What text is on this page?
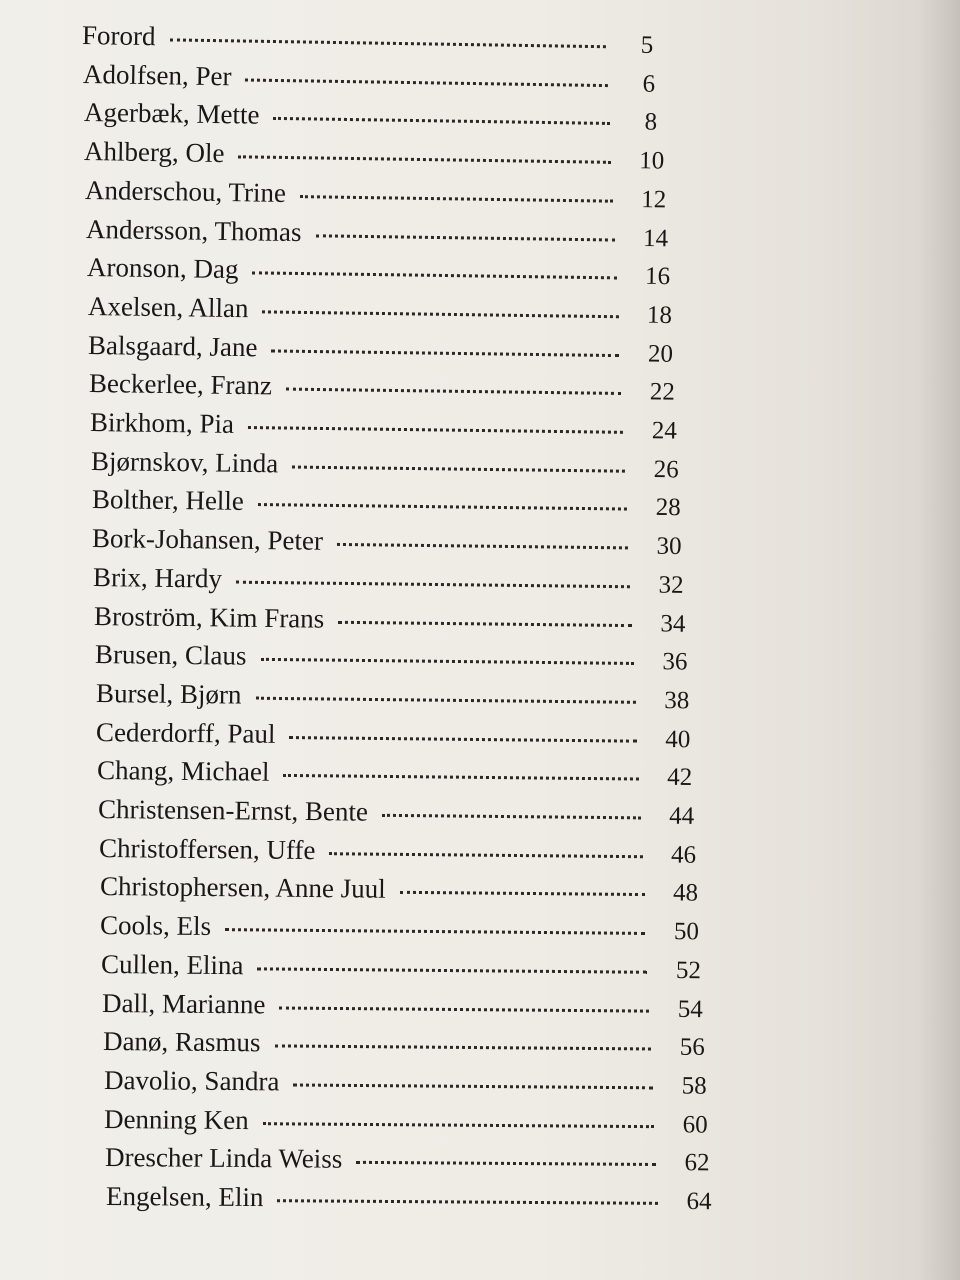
Forord	5
Adolfsen, Per	6
Agerbæk, Mette	8
Ahlberg, Ole	10
Anderschou, Trine	12
Andersson, Thomas	14
Aronson, Dag	16
Axelsen, Allan	18
Balsgaard, Jane	20
Beckerlee, Franz	22
Birkhom, Pia	24
Bjørnskov, Linda	26
Bolther, Helle	28
Bork-Johansen, Peter	30
Brix, Hardy	32
Broström, Kim Frans	34
Brusen, Claus	36
Bursel, Bjørn	38
Cederdorff, Paul	40
Chang, Michael	42
Christensen-Ernst, Bente	44
Christoffersen, Uffe	46
Christophersen, Anne Juul	48
Cools, Els	50
Cullen, Elina	52
Dall, Marianne	54
Danø, Rasmus	56
Davolio, Sandra	58
Denning Ken	60
Drescher Linda Weiss	62
Engelsen, Elin	64
